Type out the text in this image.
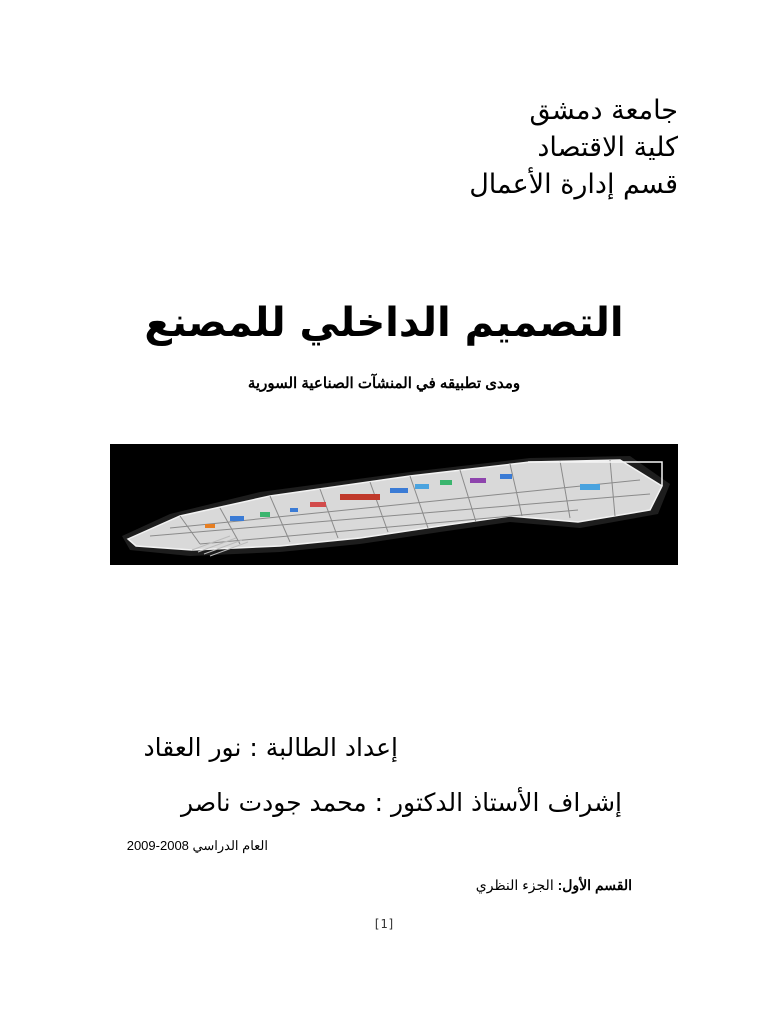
جامعة دمشق
كلية الاقتصاد
قسم إدارة الأعمال
التصميم الداخلي للمصنع
ومدى تطبيقه في المنشآت الصناعية السورية
إعداد الطالبة : نور العقاد
إشراف الأستاذ الدكتور : محمد جودت ناصر
العام الدراسي 2008-2009
القسم الأول: الجزء النظري
[1]
